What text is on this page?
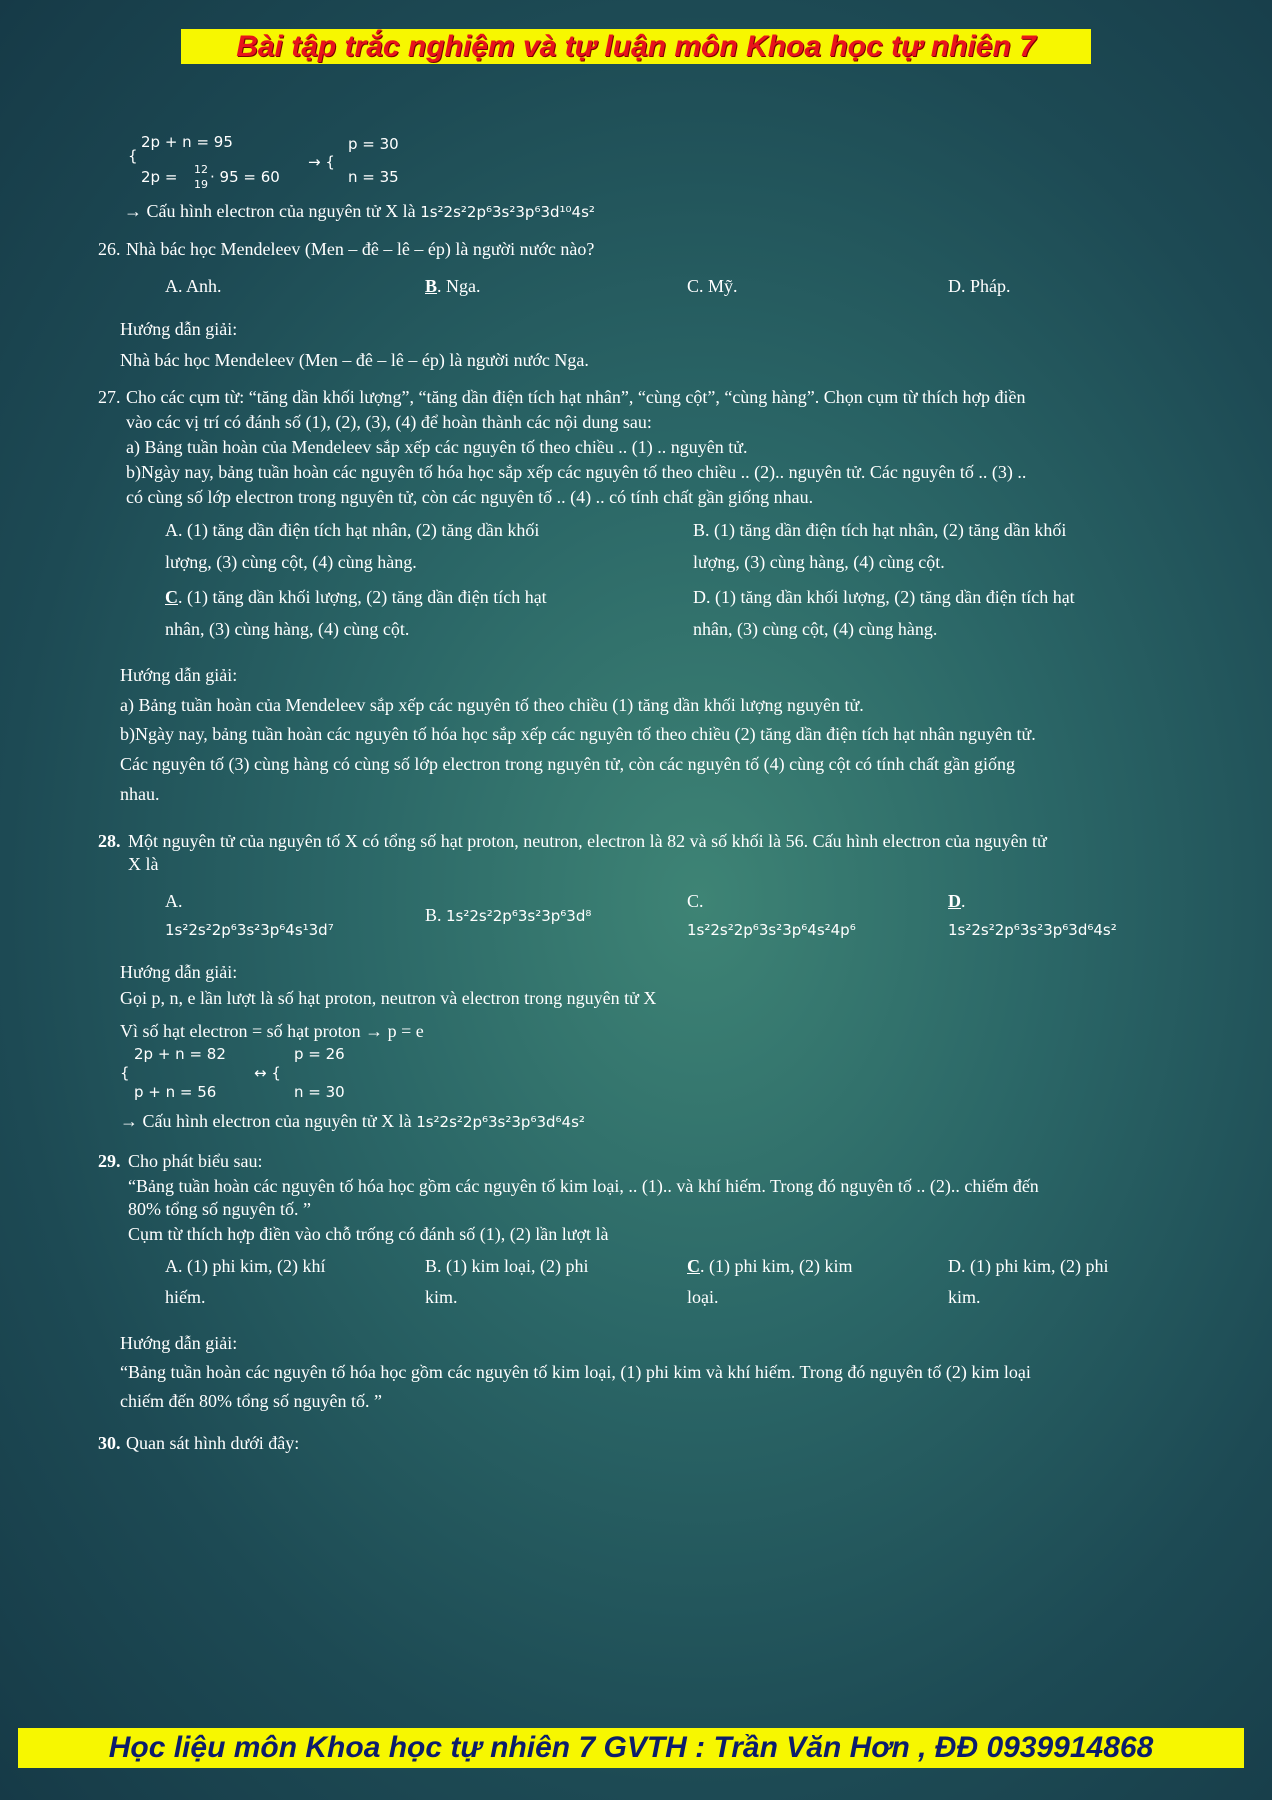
Bài tập trắc nghiệm và tự luận môn Khoa học tự nhiên 7
{
2p + n = 95
2p = 12
19 · 95 = 60
→ {
p = 30
n = 35
→ Cấu hình electron của nguyên tử X là 1s²2s²2p⁶3s²3p⁶3d¹⁰4s²
26. Nhà bác học Mendeleev (Men – đê – lê – ép) là người nước nào?
A. Anh.	B. Nga.	C. Mỹ.	D. Pháp.
Hướng dẫn giải:
Nhà bác học Mendeleev (Men – đê – lê – ép) là người nước Nga.
27. Cho các cụm từ: “tăng dần khối lượng”, “tăng dần điện tích hạt nhân”, “cùng cột”, “cùng hàng”. Chọn cụm từ thích hợp điền
vào các vị trí có đánh số (1), (2), (3), (4) để hoàn thành các nội dung sau:
a) Bảng tuần hoàn của Mendeleev sắp xếp các nguyên tố theo chiều .. (1) .. nguyên tử.
b)Ngày nay, bảng tuần hoàn các nguyên tố hóa học sắp xếp các nguyên tố theo chiều .. (2).. nguyên tử. Các nguyên tố .. (3) ..
có cùng số lớp electron trong nguyên tử, còn các nguyên tố .. (4) .. có tính chất gần giống nhau.
A. (1) tăng dần điện tích hạt nhân, (2) tăng dần khối
lượng, (3) cùng cột, (4) cùng hàng.
B. (1) tăng dần điện tích hạt nhân, (2) tăng dần khối
lượng, (3) cùng hàng, (4) cùng cột.
C. (1) tăng dần khối lượng, (2) tăng dần điện tích hạt
nhân, (3) cùng hàng, (4) cùng cột.
D. (1) tăng dần khối lượng, (2) tăng dần điện tích hạt
nhân, (3) cùng cột, (4) cùng hàng.
Hướng dẫn giải:
a) Bảng tuần hoàn của Mendeleev sắp xếp các nguyên tố theo chiều (1) tăng dần khối lượng nguyên tử.
b)Ngày nay, bảng tuần hoàn các nguyên tố hóa học sắp xếp các nguyên tố theo chiều (2) tăng dần điện tích hạt nhân nguyên tử.
Các nguyên tố (3) cùng hàng có cùng số lớp electron trong nguyên tử, còn các nguyên tố (4) cùng cột có tính chất gần giống
nhau.
28. Một nguyên tử của nguyên tố X có tổng số hạt proton, neutron, electron là 82 và số khối là 56. Cấu hình electron của nguyên tử
X là
A.
1s²2s²2p⁶3s²3p⁶4s¹3d⁷
B. 1s²2s²2p⁶3s²3p⁶3d⁸
C.
1s²2s²2p⁶3s²3p⁶4s²4p⁶
D.
1s²2s²2p⁶3s²3p⁶3d⁶4s²
Hướng dẫn giải:
Gọi p, n, e lần lượt là số hạt proton, neutron và electron trong nguyên tử X
Vì số hạt electron = số hạt proton → p = e
{
2p + n = 82
p + n = 56
↔ {
p = 26
n = 30
→ Cấu hình electron của nguyên tử X là 1s²2s²2p⁶3s²3p⁶3d⁶4s²
29. Cho phát biểu sau:
“Bảng tuần hoàn các nguyên tố hóa học gồm các nguyên tố kim loại, .. (1).. và khí hiếm. Trong đó nguyên tố .. (2).. chiếm đến
80% tổng số nguyên tố. ”
Cụm từ thích hợp điền vào chỗ trống có đánh số (1), (2) lần lượt là
A. (1) phi kim, (2) khí
hiếm.
B. (1) kim loại, (2) phi
kim.
C. (1) phi kim, (2) kim
loại.
D. (1) phi kim, (2) phi
kim.
Hướng dẫn giải:
“Bảng tuần hoàn các nguyên tố hóa học gồm các nguyên tố kim loại, (1) phi kim và khí hiếm. Trong đó nguyên tố (2) kim loại
chiếm đến 80% tổng số nguyên tố. ”
30. Quan sát hình dưới đây:
Học liệu môn Khoa học tự nhiên 7 GVTH : Trần Văn Hơn , ĐĐ 0939914868
